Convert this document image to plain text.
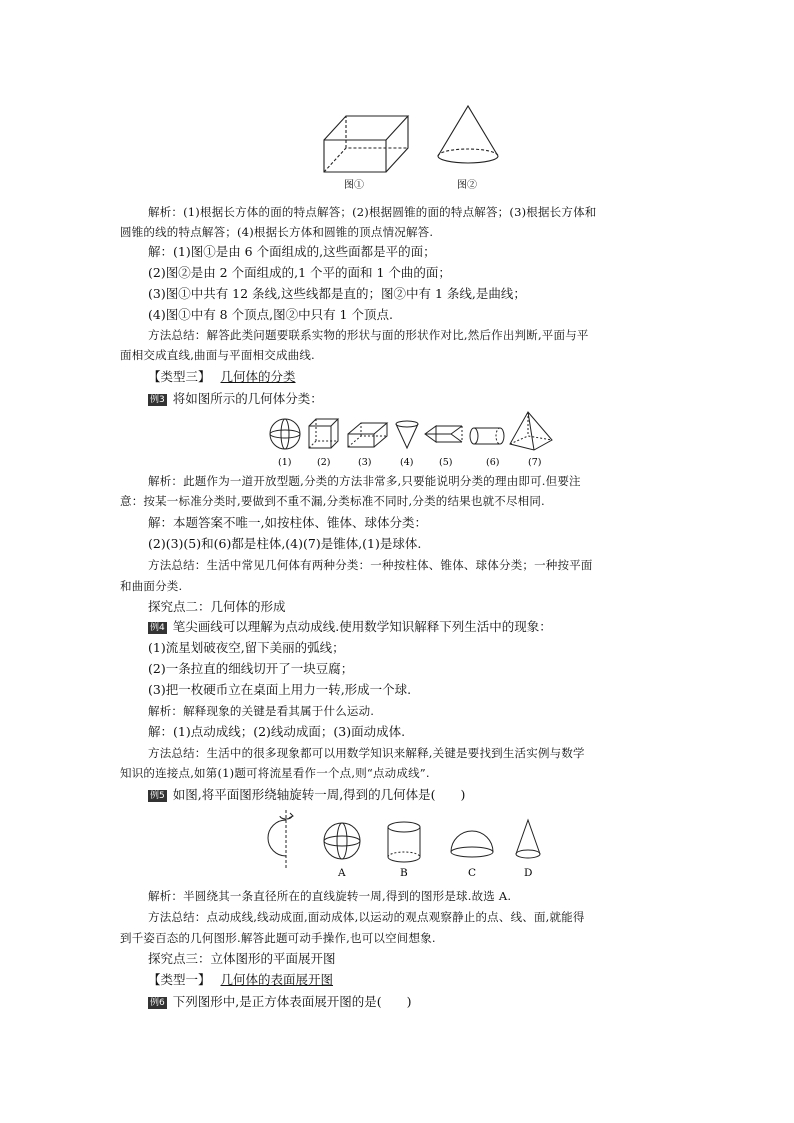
图①	图②
解析：(1)根据长方体的面的特点解答；(2)根据圆锥的面的特点解答；(3)根据长方体和
圆锥的线的特点解答；(4)根据长方体和圆锥的顶点情况解答.
解：(1)图①是由 6 个面组成的,这些面都是平的面；
(2)图②是由 2 个面组成的,1 个平的面和 1 个曲的面；
(3)图①中共有 12 条线,这些线都是直的；图②中有 1 条线,是曲线；
(4)图①中有 8 个顶点,图②中只有 1 个顶点.
方法总结：解答此类问题要联系实物的形状与面的形状作对比,然后作出判断,平面与平
面相交成直线,曲面与平面相交成曲线.
【类型三】 几何体的分类
例3 将如图所示的几何体分类：
(1)	(2)	(3)	(4)	(5)	(6)	(7)
解析：此题作为一道开放型题,分类的方法非常多,只要能说明分类的理由即可.但要注
意：按某一标准分类时,要做到不重不漏,分类标准不同时,分类的结果也就不尽相同.
解：本题答案不唯一,如按柱体、锥体、球体分类：
(2)(3)(5)和(6)都是柱体,(4)(7)是锥体,(1)是球体.
方法总结：生活中常见几何体有两种分类：一种按柱体、锥体、球体分类；一种按平面
和曲面分类.
探究点二：几何体的形成
例4 笔尖画线可以理解为点动成线.使用数学知识解释下列生活中的现象：
(1)流星划破夜空,留下美丽的弧线；
(2)一条拉直的细线切开了一块豆腐；
(3)把一枚硬币立在桌面上用力一转,形成一个球.
解析：解释现象的关键是看其属于什么运动.
解：(1)点动成线；(2)线动成面；(3)面动成体.
方法总结：生活中的很多现象都可以用数学知识来解释,关键是要找到生活实例与数学
知识的连接点,如第(1)题可将流星看作一个点,则“点动成线”.
例5 如图,将平面图形绕轴旋转一周,得到的几何体是(　　)
A	B	C	D
解析：半圆绕其一条直径所在的直线旋转一周,得到的图形是球.故选 A.
方法总结：点动成线,线动成面,面动成体,以运动的观点观察静止的点、线、面,就能得
到千姿百态的几何图形.解答此题可动手操作,也可以空间想象.
探究点三：立体图形的平面展开图
【类型一】 几何体的表面展开图
例6 下列图形中,是正方体表面展开图的是(　　)
